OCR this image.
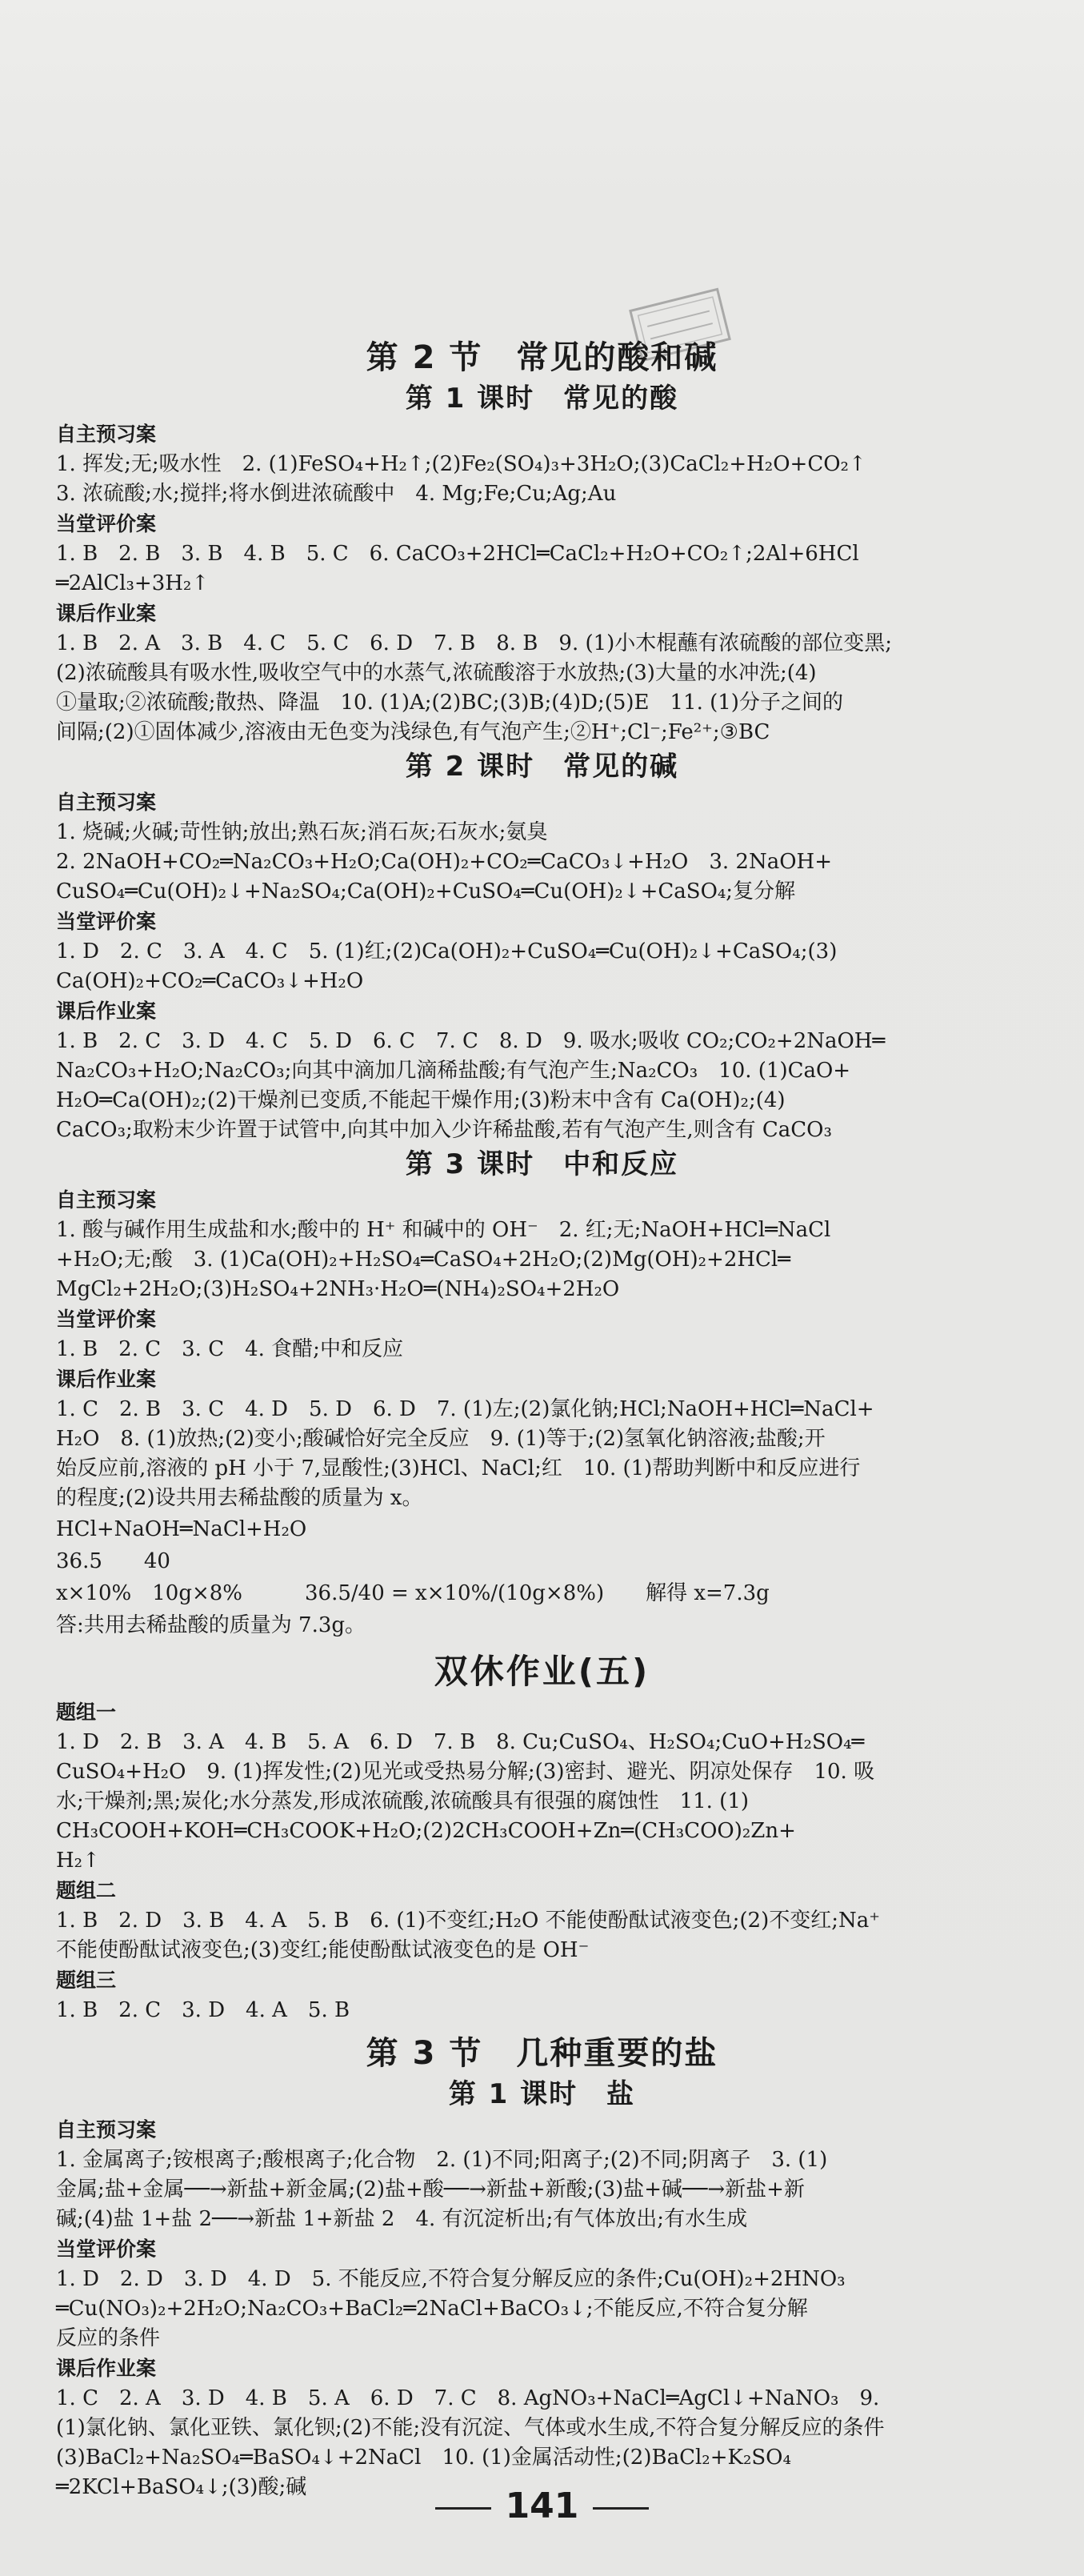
第 2 节　常见的酸和碱
第 1 课时　常见的酸
自主预习案

1. 挥发;无;吸水性　2. (1)FeSO₄+H₂↑;(2)Fe₂(SO₄)₃+3H₂O;(3)CaCl₂+H₂O+CO₂↑

3. 浓硫酸;水;搅拌;将水倒进浓硫酸中　4. Mg;Fe;Cu;Ag;Au

当堂评价案

1. B　2. B　3. B　4. B　5. C　6. CaCO₃+2HCl═CaCl₂+H₂O+CO₂↑;2Al+6HCl

═2AlCl₃+3H₂↑

课后作业案

1. B　2. A　3. B　4. C　5. C　6. D　7. B　8. B　9. (1)小木棍蘸有浓硫酸的部位变黑;

(2)浓硫酸具有吸水性,吸收空气中的水蒸气,浓硫酸溶于水放热;(3)大量的水冲洗;(4)

①量取;②浓硫酸;散热、降温　10. (1)A;(2)BC;(3)B;(4)D;(5)E　11. (1)分子之间的

间隔;(2)①固体减少,溶液由无色变为浅绿色,有气泡产生;②H⁺;Cl⁻;Fe²⁺;③BC

第 2 课时　常见的碱
自主预习案

1. 烧碱;火碱;苛性钠;放出;熟石灰;消石灰;石灰水;氨臭

2. 2NaOH+CO₂═Na₂CO₃+H₂O;Ca(OH)₂+CO₂═CaCO₃↓+H₂O　3. 2NaOH+

CuSO₄═Cu(OH)₂↓+Na₂SO₄;Ca(OH)₂+CuSO₄═Cu(OH)₂↓+CaSO₄;复分解

当堂评价案

1. D　2. C　3. A　4. C　5. (1)红;(2)Ca(OH)₂+CuSO₄═Cu(OH)₂↓+CaSO₄;(3)

Ca(OH)₂+CO₂═CaCO₃↓+H₂O

课后作业案

1. B　2. C　3. D　4. C　5. D　6. C　7. C　8. D　9. 吸水;吸收 CO₂;CO₂+2NaOH═

Na₂CO₃+H₂O;Na₂CO₃;向其中滴加几滴稀盐酸;有气泡产生;Na₂CO₃　10. (1)CaO+

H₂O═Ca(OH)₂;(2)干燥剂已变质,不能起干燥作用;(3)粉末中含有 Ca(OH)₂;(4)

CaCO₃;取粉末少许置于试管中,向其中加入少许稀盐酸,若有气泡产生,则含有 CaCO₃

第 3 课时　中和反应
自主预习案

1. 酸与碱作用生成盐和水;酸中的 H⁺ 和碱中的 OH⁻　2. 红;无;NaOH+HCl═NaCl

+H₂O;无;酸　3. (1)Ca(OH)₂+H₂SO₄═CaSO₄+2H₂O;(2)Mg(OH)₂+2HCl═

MgCl₂+2H₂O;(3)H₂SO₄+2NH₃·H₂O═(NH₄)₂SO₄+2H₂O

当堂评价案

1. B　2. C　3. C　4. 食醋;中和反应

课后作业案

1. C　2. B　3. C　4. D　5. D　6. D　7. (1)左;(2)氯化钠;HCl;NaOH+HCl═NaCl+

H₂O　8. (1)放热;(2)变小;酸碱恰好完全反应　9. (1)等于;(2)氢氧化钠溶液;盐酸;开

始反应前,溶液的 pH 小于 7,显酸性;(3)HCl、NaCl;红　10. (1)帮助判断中和反应进行

的程度;(2)设共用去稀盐酸的质量为 x。

HCl+NaOH═NaCl+H₂O

36.5　　40

x×10%　10g×8%　　　36.5/40 = x×10%/(10g×8%)　　解得 x=7.3g

答:共用去稀盐酸的质量为 7.3g。

双休作业(五)
题组一

1. D　2. B　3. A　4. B　5. A　6. D　7. B　8. Cu;CuSO₄、H₂SO₄;CuO+H₂SO₄═

CuSO₄+H₂O　9. (1)挥发性;(2)见光或受热易分解;(3)密封、避光、阴凉处保存　10. 吸

水;干燥剂;黑;炭化;水分蒸发,形成浓硫酸,浓硫酸具有很强的腐蚀性　11. (1)

CH₃COOH+KOH═CH₃COOK+H₂O;(2)2CH₃COOH+Zn═(CH₃COO)₂Zn+

H₂↑

题组二

1. B　2. D　3. B　4. A　5. B　6. (1)不变红;H₂O 不能使酚酞试液变色;(2)不变红;Na⁺

不能使酚酞试液变色;(3)变红;能使酚酞试液变色的是 OH⁻

题组三

1. B　2. C　3. D　4. A　5. B

第 3 节　几种重要的盐
第 1 课时　盐
自主预习案

1. 金属离子;铵根离子;酸根离子;化合物　2. (1)不同;阳离子;(2)不同;阴离子　3. (1)

金属;盐+金属──→新盐+新金属;(2)盐+酸──→新盐+新酸;(3)盐+碱──→新盐+新

碱;(4)盐 1+盐 2──→新盐 1+新盐 2　4. 有沉淀析出;有气体放出;有水生成

当堂评价案

1. D　2. D　3. D　4. D　5. 不能反应,不符合复分解反应的条件;Cu(OH)₂+2HNO₃

═Cu(NO₃)₂+2H₂O;Na₂CO₃+BaCl₂═2NaCl+BaCO₃↓;不能反应,不符合复分解

反应的条件

课后作业案

1. C　2. A　3. D　4. B　5. A　6. D　7. C　8. AgNO₃+NaCl═AgCl↓+NaNO₃　9.

(1)氯化钠、氯化亚铁、氯化钡;(2)不能;没有沉淀、气体或水生成,不符合复分解反应的条件

(3)BaCl₂+Na₂SO₄═BaSO₄↓+2NaCl　10. (1)金属活动性;(2)BaCl₂+K₂SO₄

═2KCl+BaSO₄↓;(3)酸;碱	141
